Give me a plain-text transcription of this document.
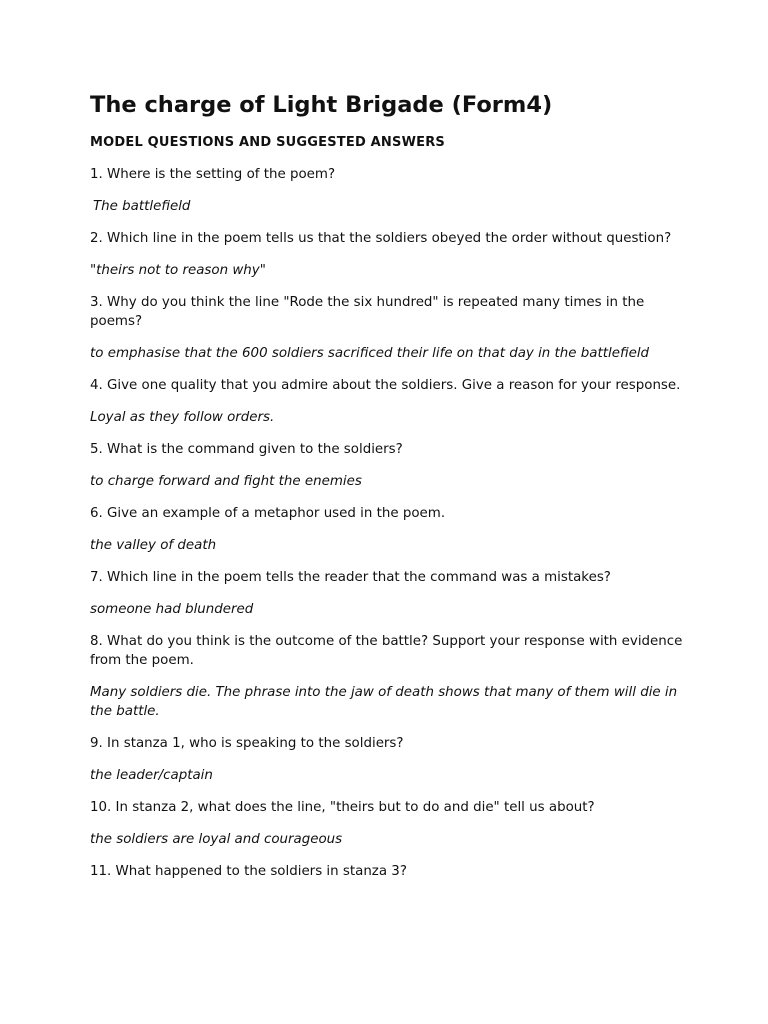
The charge of Light Brigade (Form4)
MODEL QUESTIONS AND SUGGESTED ANSWERS
1. Where is the setting of the poem?
The battlefield
2. Which line in the poem tells us that the soldiers obeyed the order without question?
"theirs not to reason why"
3. Why do you think the line "Rode the six hundred" is repeated many times in the poems?
to emphasise that the 600 soldiers sacrificed their life on that day in the battlefield
4. Give one quality that you admire about the soldiers. Give a reason for your response.
Loyal as they follow orders.
5. What is the command given to the soldiers?
to charge forward and fight the enemies
6. Give an example of a metaphor used in the poem.
the valley of death
7. Which line in the poem tells the reader that the command was a mistakes?
someone had blundered
8. What do you think is the outcome of the battle? Support your response with evidence from the poem.
Many soldiers die. The phrase into the jaw of death shows that many of them will die in the battle.
9. In stanza 1, who is speaking to the soldiers?
the leader/captain
10. In stanza 2, what does the line, "theirs but to do and die" tell us about?
the soldiers are loyal and courageous
11. What happened to the soldiers in stanza 3?
